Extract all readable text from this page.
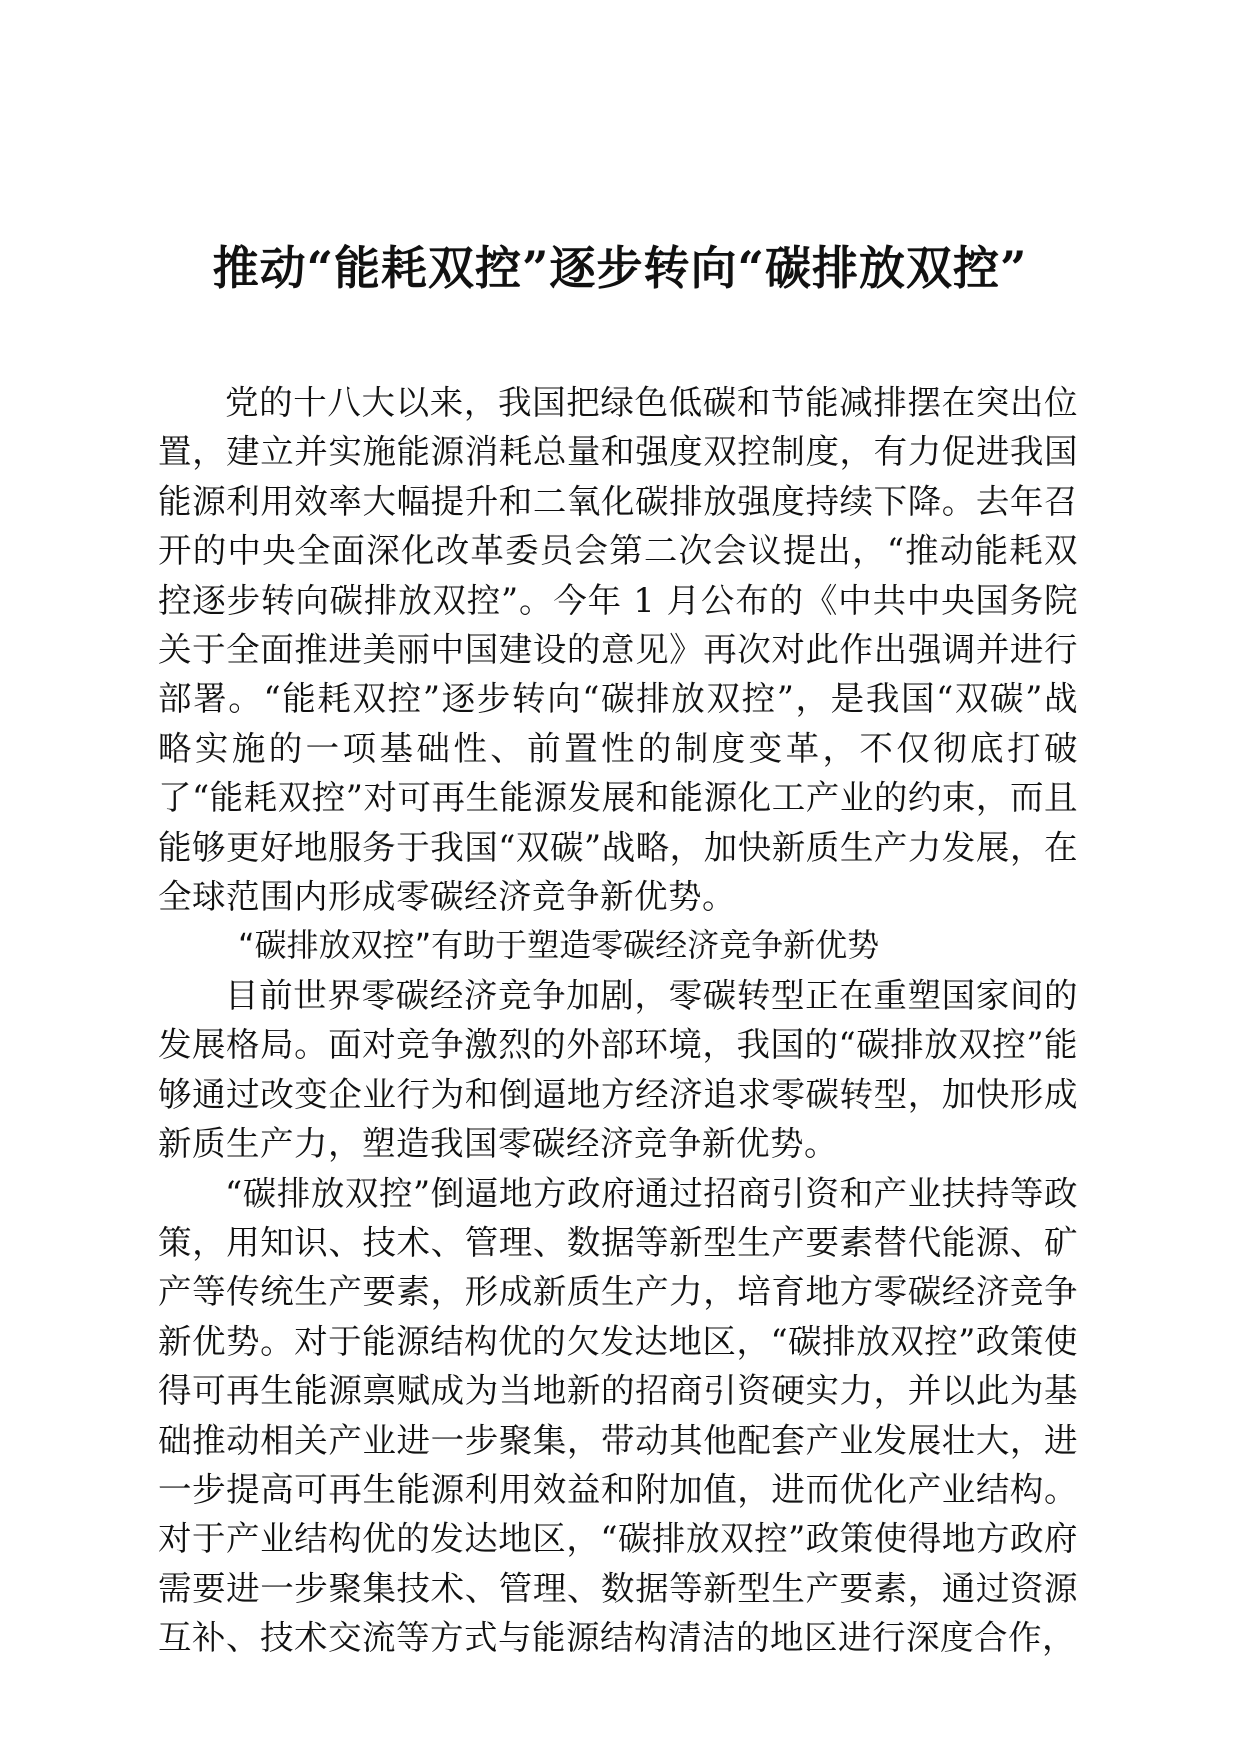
推动“能耗双控”逐步转向“碳排放双控”

党的十八大以来，我国把绿色低碳和节能减排摆在突出位置，建立并实施能源消耗总量和强度双控制度，有力促进我国能源利用效率大幅提升和二氧化碳排放强度持续下降。去年召开的中央全面深化改革委员会第二次会议提出，“推动能耗双控逐步转向碳排放双控”。今年 1 月公布的《中共中央国务院关于全面推进美丽中国建设的意见》再次对此作出强调并进行部署。“能耗双控”逐步转向“碳排放双控”，是我国“双碳”战略实施的一项基础性、前置性的制度变革，不仅彻底打破了“能耗双控”对可再生能源发展和能源化工产业的约束，而且能够更好地服务于我国“双碳”战略，加快新质生产力发展，在全球范围内形成零碳经济竞争新优势。

“碳排放双控”有助于塑造零碳经济竞争新优势

目前世界零碳经济竞争加剧，零碳转型正在重塑国家间的发展格局。面对竞争激烈的外部环境，我国的“碳排放双控”能够通过改变企业行为和倒逼地方经济追求零碳转型，加快形成新质生产力，塑造我国零碳经济竞争新优势。

“碳排放双控”倒逼地方政府通过招商引资和产业扶持等政策，用知识、技术、管理、数据等新型生产要素替代能源、矿产等传统生产要素，形成新质生产力，培育地方零碳经济竞争新优势。对于能源结构优的欠发达地区，“碳排放双控”政策使得可再生能源禀赋成为当地新的招商引资硬实力，并以此为基础推动相关产业进一步聚集，带动其他配套产业发展壮大，进一步提高可再生能源利用效益和附加值，进而优化产业结构。对于产业结构优的发达地区，“碳排放双控”政策使得地方政府需要进一步聚集技术、管理、数据等新型生产要素，通过资源互补、技术交流等方式与能源结构清洁的地区进行深度合作，
